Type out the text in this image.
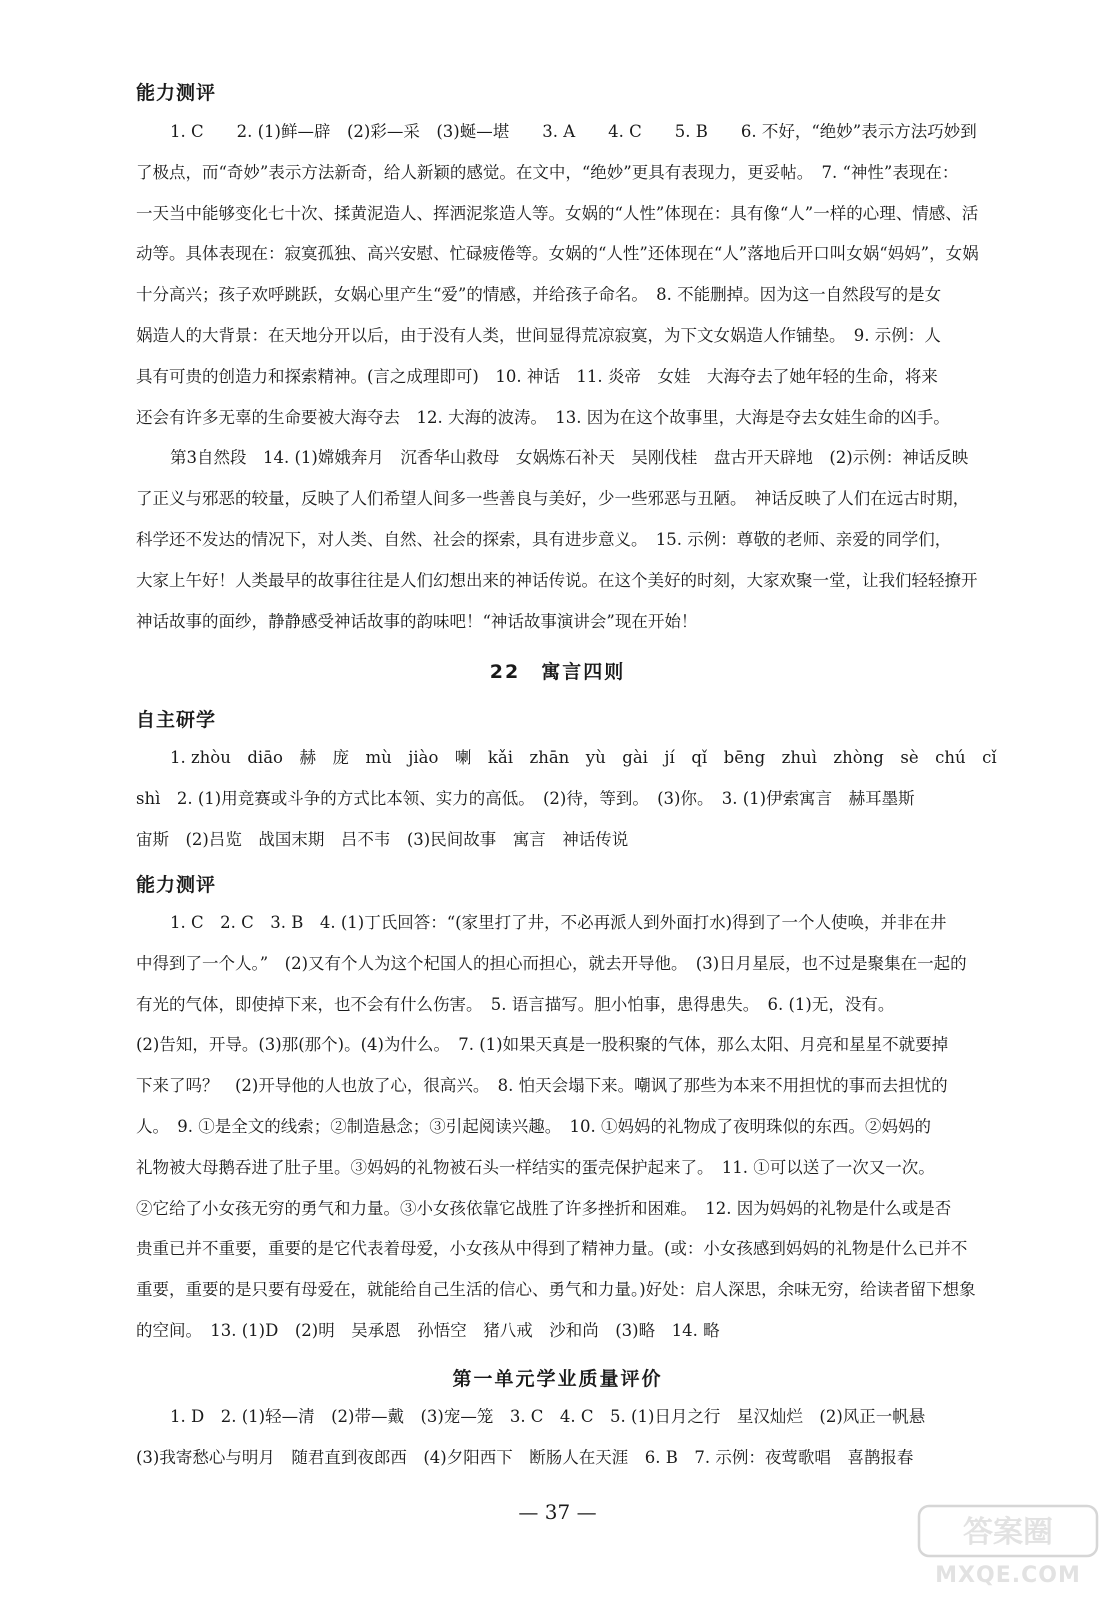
能力测评
1. C　　2. (1)鲜—辟　(2)彩—采　(3)蜒—堪　　3. A　　4. C　　5. B　　6. 不好，“绝妙”表示方法巧妙到
了极点，而“奇妙”表示方法新奇，给人新颖的感觉。在文中，“绝妙”更具有表现力，更妥帖。　7. “神性”表现在：
一天当中能够变化七十次、揉黄泥造人、挥洒泥浆造人等。女娲的“人性”体现在：具有像“人”一样的心理、情感、活
动等。具体表现在：寂寞孤独、高兴安慰、忙碌疲倦等。女娲的“人性”还体现在“人”落地后开口叫女娲“妈妈”，女娲
十分高兴；孩子欢呼跳跃，女娲心里产生“爱”的情感，并给孩子命名。　8. 不能删掉。因为这一自然段写的是女
娲造人的大背景：在天地分开以后，由于没有人类，世间显得荒凉寂寞，为下文女娲造人作铺垫。　9. 示例：人
具有可贵的创造力和探索精神。(言之成理即可)　10. 神话　11. 炎帝　女娃　大海夺去了她年轻的生命，将来
还会有许多无辜的生命要被大海夺去　12. 大海的波涛。　13. 因为在这个故事里，大海是夺去女娃生命的凶手。
第3自然段　14. (1)嫦娥奔月　沉香华山救母　女娲炼石补天　吴刚伐桂　盘古开天辟地　(2)示例：神话反映
了正义与邪恶的较量，反映了人们希望人间多一些善良与美好，少一些邪恶与丑陋。　神话反映了人们在远古时期，
科学还不发达的情况下，对人类、自然、社会的探索，具有进步意义。　15. 示例：尊敬的老师、亲爱的同学们，
大家上午好！人类最早的故事往往是人们幻想出来的神话传说。在这个美好的时刻，大家欢聚一堂，让我们轻轻撩开
神话故事的面纱，静静感受神话故事的韵味吧！“神话故事演讲会”现在开始！
22　寓言四则
自主研学
1. zhòu　diāo　赫　庞　mù　jiào　喇　kǎi　zhān　yù　gài　jí　qǐ　bēng　zhuì　zhòng　sè　chú　cǐ
shì　2. (1)用竞赛或斗争的方式比本领、实力的高低。　(2)待，等到。　(3)你。　3. (1)伊索寓言　赫耳墨斯
宙斯　(2)吕览　战国末期　吕不韦　(3)民间故事　寓言　神话传说
能力测评
1. C　2. C　3. B　4. (1)丁氏回答：“(家里打了井，不必再派人到外面打水)得到了一个人使唤，并非在井
中得到了一个人。”　(2)又有个人为这个杞国人的担心而担心，就去开导他。　(3)日月星辰，也不过是聚集在一起的
有光的气体，即使掉下来，也不会有什么伤害。　5. 语言描写。胆小怕事，患得患失。　6. (1)无，没有。
(2)告知，开导。(3)那(那个)。(4)为什么。　7. (1)如果天真是一股积聚的气体，那么太阳、月亮和星星不就要掉
下来了吗？　(2)开导他的人也放了心，很高兴。　8. 怕天会塌下来。嘲讽了那些为本来不用担忧的事而去担忧的
人。　9. ①是全文的线索；②制造悬念；③引起阅读兴趣。　10. ①妈妈的礼物成了夜明珠似的东西。②妈妈的
礼物被大母鹅吞进了肚子里。③妈妈的礼物被石头一样结实的蛋壳保护起来了。　11. ①可以送了一次又一次。
②它给了小女孩无穷的勇气和力量。③小女孩依靠它战胜了许多挫折和困难。　12. 因为妈妈的礼物是什么或是否
贵重已并不重要，重要的是它代表着母爱，小女孩从中得到了精神力量。(或：小女孩感到妈妈的礼物是什么已并不
重要，重要的是只要有母爱在，就能给自己生活的信心、勇气和力量。)好处：启人深思，余味无穷，给读者留下想象
的空间。　13. (1)D　(2)明　吴承恩　孙悟空　猪八戒　沙和尚　(3)略　14. 略
第一单元学业质量评价
1. D　2. (1)轻—清　(2)带—戴　(3)宠—笼　3. C　4. C　5. (1)日月之行　星汉灿烂　(2)风正一帆悬
(3)我寄愁心与明月　随君直到夜郎西　(4)夕阳西下　断肠人在天涯　6. B　7. 示例：夜莺歌唱　喜鹊报春
— 37 —
答案圈
MXQE.COM
